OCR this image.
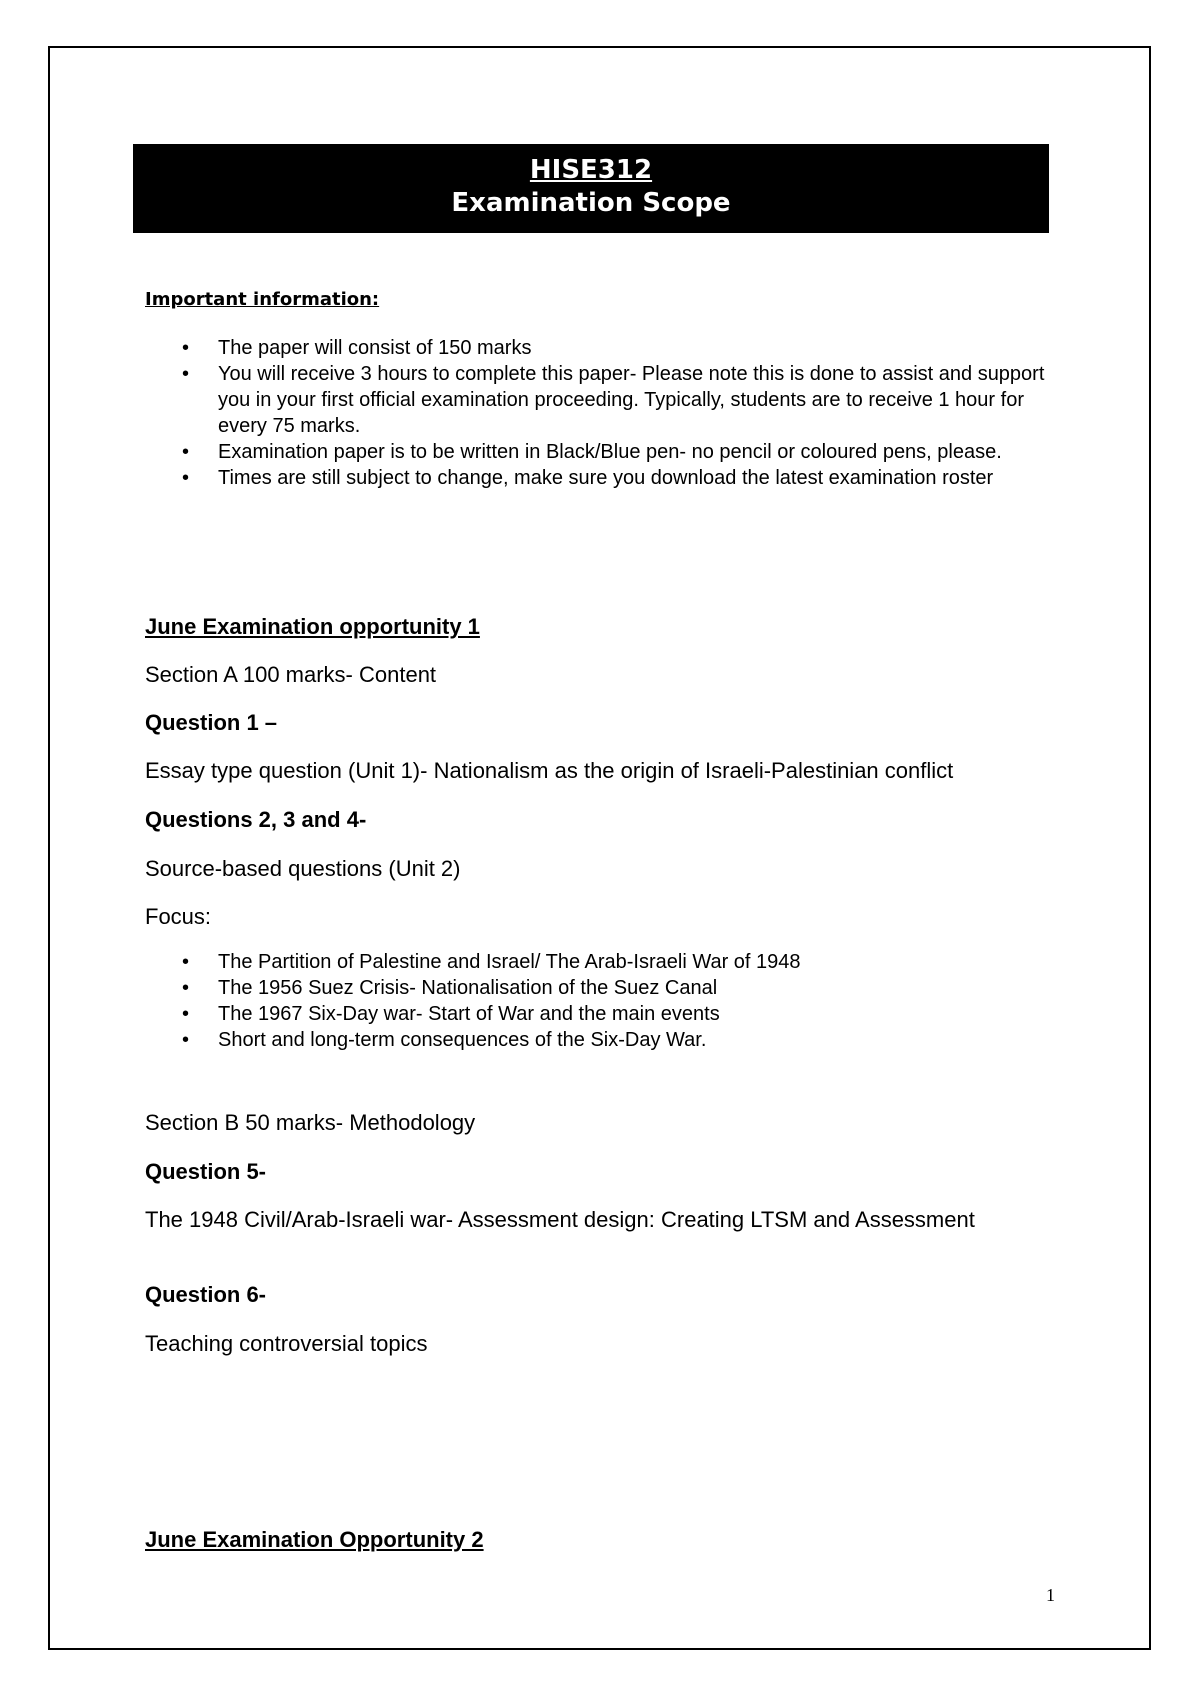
HISE312
Examination Scope
Important information:
• The paper will consist of 150 marks
• You will receive 3 hours to complete this paper- Please note this is done to assist and support you in your first official examination proceeding. Typically, students are to receive 1 hour for every 75 marks.
• Examination paper is to be written in Black/Blue pen- no pencil or coloured pens, please.
• Times are still subject to change, make sure you download the latest examination roster
June Examination opportunity 1
Section A 100 marks- Content
Question 1 –
Essay type question (Unit 1)- Nationalism as the origin of Israeli-Palestinian conflict
Questions 2, 3 and 4-
Source-based questions (Unit 2)
Focus:
• The Partition of Palestine and Israel/ The Arab-Israeli War of 1948
• The 1956 Suez Crisis- Nationalisation of the Suez Canal
• The 1967 Six-Day war- Start of War and the main events
• Short and long-term consequences of the Six-Day War.
Section B 50 marks- Methodology
Question 5-
The 1948 Civil/Arab-Israeli war- Assessment design: Creating LTSM and Assessment
Question 6-
Teaching controversial topics
June Examination Opportunity 2
1
